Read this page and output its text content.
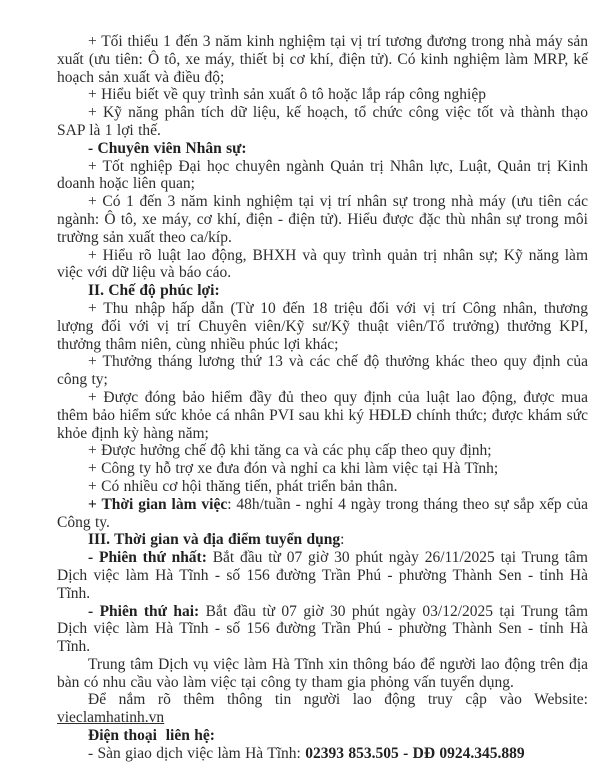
+ Tối thiểu 1 đến 3 năm kinh nghiệm tại vị trí tương đương trong nhà máy sản xuất (ưu tiên: Ô tô, xe máy, thiết bị cơ khí, điện tử). Có kinh nghiệm làm MRP, kế hoạch sản xuất và điều độ;

+ Hiểu biết về quy trình sản xuất ô tô hoặc lắp ráp công nghiệp

+ Kỹ năng phân tích dữ liệu, kế hoạch, tổ chức công việc tốt và thành thạo SAP là 1 lợi thế.

- Chuyên viên Nhân sự:

+ Tốt nghiệp Đại học chuyên ngành Quản trị Nhân lực, Luật, Quản trị Kinh doanh hoặc liên quan;

+ Có 1 đến 3 năm kinh nghiệm tại vị trí nhân sự trong nhà máy (ưu tiên các ngành: Ô tô, xe máy, cơ khí, điện - điện tử). Hiểu được đặc thù nhân sự trong môi trường sản xuất theo ca/kíp.

+ Hiểu rõ luật lao động, BHXH và quy trình quản trị nhân sự; Kỹ năng làm việc với dữ liệu và báo cáo.

II. Chế độ phúc lợi:

+ Thu nhập hấp dẫn (Từ 10 đến 18 triệu đối với vị trí Công nhân, thương lượng đối với vị trí Chuyên viên/Kỹ sư/Kỹ thuật viên/Tổ trưởng) thưởng KPI, thưởng thâm niên, cùng nhiều phúc lợi khác;

+ Thưởng tháng lương thứ 13 và các chế độ thưởng khác theo quy định của công ty;

+ Được đóng bảo hiểm đầy đủ theo quy định của luật lao động, được mua thêm bảo hiểm sức khỏe cá nhân PVI sau khi ký HĐLĐ chính thức; được khám sức khỏe định kỳ hàng năm;

+ Được hưởng chế độ khi tăng ca và các phụ cấp theo quy định;

+ Công ty hỗ trợ xe đưa đón và nghỉ ca khi làm việc tại Hà Tĩnh;

+ Có nhiều cơ hội thăng tiến, phát triển bản thân.

+ Thời gian làm việc: 48h/tuần - nghỉ 4 ngày trong tháng theo sự sắp xếp của Công ty.

III. Thời gian và địa điểm tuyển dụng:

- Phiên thứ nhất: Bắt đầu từ 07 giờ 30 phút ngày 26/11/2025 tại Trung tâm Dịch việc làm Hà Tĩnh - số 156 đường Trần Phú - phường Thành Sen - tỉnh Hà Tĩnh.

- Phiên thứ hai: Bắt đầu từ 07 giờ 30 phút ngày 03/12/2025 tại Trung tâm Dịch việc làm Hà Tĩnh - số 156 đường Trần Phú - phường Thành Sen - tỉnh Hà Tĩnh.

Trung tâm Dịch vụ việc làm Hà Tĩnh xin thông báo để người lao động trên địa bàn có nhu cầu vào làm việc tại công ty tham gia phỏng vấn tuyển dụng.

Để nắm rõ thêm thông tin người lao động truy cập vào Website:

vieclamhatinh.vn

Điện thoại  liên hệ:

- Sàn giao dịch việc làm Hà Tĩnh: 02393 853.505 - DĐ 0924.345.889
